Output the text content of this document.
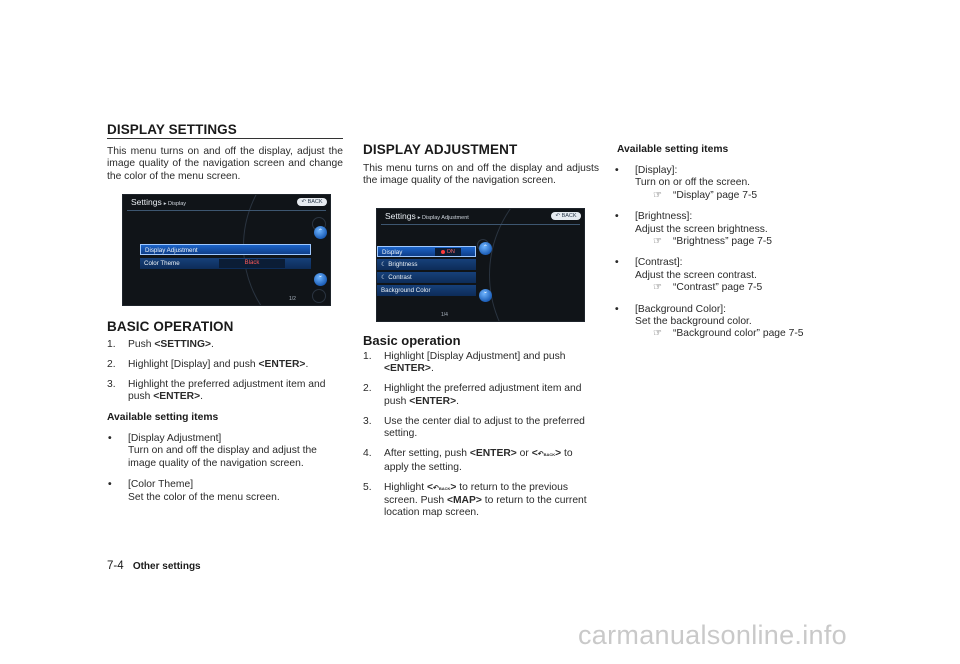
DISPLAY SETTINGS

This menu turns on and off the display, adjust the image quality of the navigation screen and change the color of the menu screen.

Settings ▸ Display	↶ BACK
ˆ
ˇ
Display Adjustment
Color Theme	Black
1/2
BASIC OPERATION
1. Push <SETTING>.
2. Highlight [Display] and push <ENTER>.
3. Highlight the preferred adjustment item and push <ENTER>.
Available setting items
• [Display Adjustment]
Turn on and off the display and adjust the image quality of the navigation screen.
• [Color Theme]
Set the color of the menu screen.
DISPLAY ADJUSTMENT

This menu turns on and off the display and adjusts the image quality of the navigation screen.

Settings ▸ Display Adjustment	↶ BACK
ˆ
ˇ
Display	ON
☾ Brightness
☾ Contrast
Background Color
1/4
Basic operation
1. Highlight [Display Adjustment] and push <ENTER>.
2. Highlight the preferred adjustment item and push <ENTER>.
3. Use the center dial to adjust to the preferred setting.
4. After setting, push <ENTER> or <↶BACK> to apply the setting.
5. Highlight <↶BACK> to return to the previous screen. Push <MAP> to return to the current location map screen.
Available setting items
• [Display]:
Turn on or off the screen.
☞ “Display” page 7-5
• [Brightness]:
Adjust the screen brightness.
☞ “Brightness” page 7-5
• [Contrast]:
Adjust the screen contrast.
☞ “Contrast” page 7-5
• [Background Color]:
Set the background color.
☞ “Background color” page 7-5
7-4 Other settings
carmanualsonline.info
